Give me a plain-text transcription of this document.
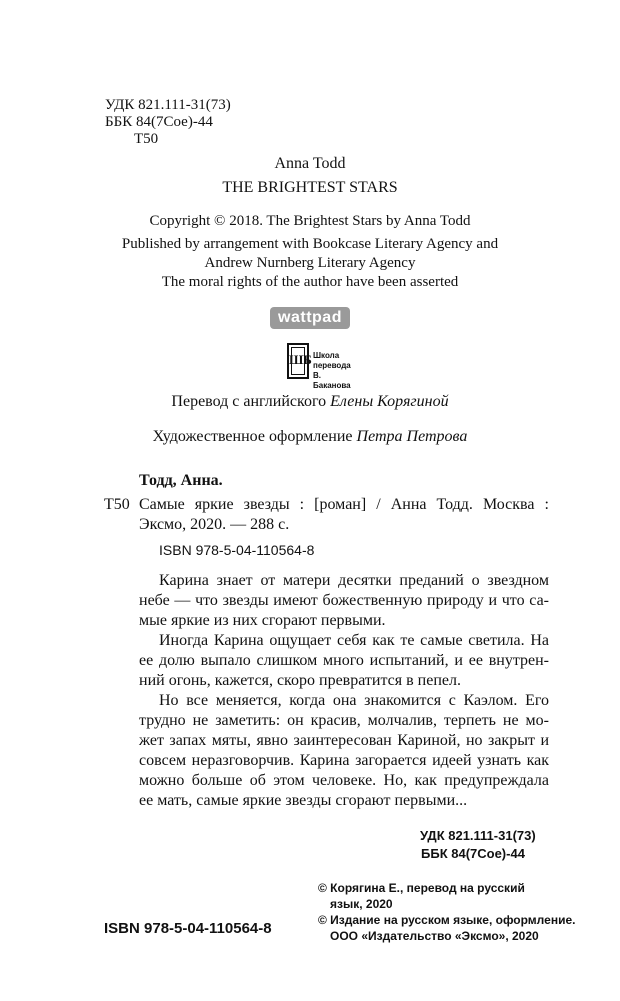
УДК 821.111-31(73)
ББК 84(7Сое)-44
Т50
Anna Todd
THE BRIGHTEST STARS
Copyright © 2018. The Brightest Stars by Anna Todd
Published by arrangement with Bookcase Literary Agency and
Andrew Nurnberg Literary Agency
The moral rights of the author have been asserted
wattpad
ШБ Школа перевода
В. Баканова
Перевод с английского Елены Корягиной
Художественное оформление Петра Петрова
Тодд, Анна.
Т50 Самые яркие звезды : [роман] / Анна Тодд. Москва :
Эксмо, 2020. — 288 с.
ISBN 978-5-04-110564-8
Карина знает от матери десятки преданий о звездном
небе — что звезды имеют божественную природу и что са-
мые яркие из них сгорают первыми.
Иногда Карина ощущает себя как те самые светила. На
ее долю выпало слишком много испытаний, и ее внутрен-
ний огонь, кажется, скоро превратится в пепел.
Но все меняется, когда она знакомится с Каэлом. Его
трудно не заметить: он красив, молчалив, терпеть не мо-
жет запах мяты, явно заинтересован Кариной, но закрыт и
совсем неразговорчив. Карина загорается идеей узнать как
можно больше об этом человеке. Но, как предупреждала
ее мать, самые яркие звезды сгорают первыми...
УДК 821.111-31(73)
ББК 84(7Сое)-44
ISBN 978-5-04-110564-8
© Корягина Е., перевод на русский
язык, 2020
© Издание на русском языке, оформление.
ООО «Издательство «Эксмо», 2020
